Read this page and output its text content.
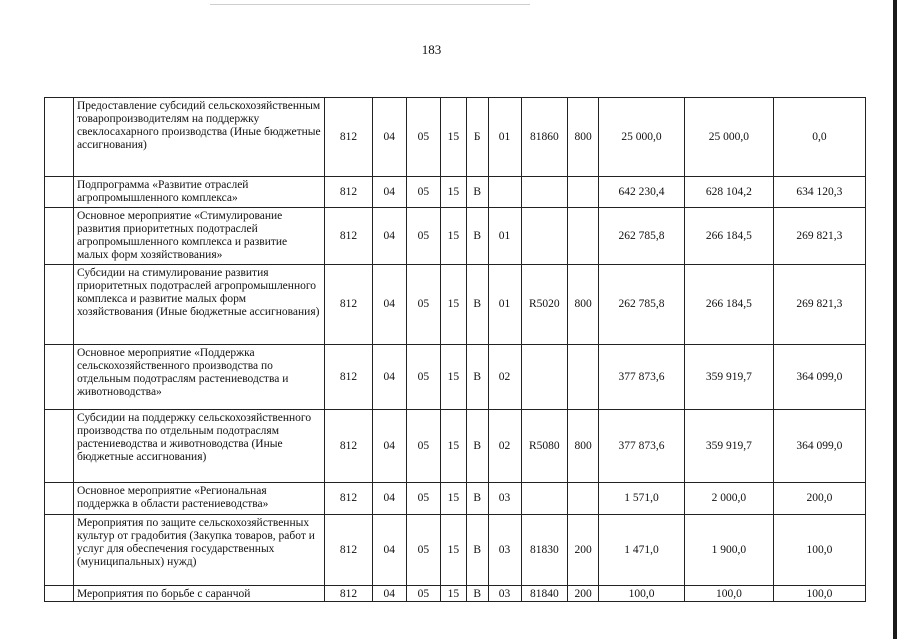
183
	Предоставление субсидий сельскохозяйственным товаропроизводителям на поддержку свеклосахарного производства (Иные бюджетные ассигнования)	812	04	05	15	Б	01	81860	800	25 000,0	25 000,0	0,0
	Подпрограмма «Развитие отраслей агропромышленного комплекса»	812	04	05	15	В				642 230,4	628 104,2	634 120,3
	Основное мероприятие «Стимулирование развития приоритетных подотраслей агропромышленного комплекса и развитие малых форм хозяйствования»	812	04	05	15	В	01			262 785,8	266 184,5	269 821,3
	Субсидии на стимулирование развития приоритетных подотраслей агропромышленного комплекса и развитие малых форм хозяйствования (Иные бюджетные ассигнования)	812	04	05	15	В	01	R5020	800	262 785,8	266 184,5	269 821,3
	Основное мероприятие «Поддержка сельскохозяйственного производства по отдельным подотраслям растениеводства и животноводства»	812	04	05	15	В	02			377 873,6	359 919,7	364 099,0
	Субсидии на поддержку сельскохозяйственного производства по отдельным подотраслям растениеводства и животноводства (Иные бюджетные ассигнования)	812	04	05	15	В	02	R5080	800	377 873,6	359 919,7	364 099,0
	Основное мероприятие «Региональная поддержка в области растениеводства»	812	04	05	15	В	03			1 571,0	2 000,0	200,0
	Мероприятия по защите сельскохозяйственных культур от градобития (Закупка товаров, работ и услуг для обеспечения государственных (муниципальных) нужд)	812	04	05	15	В	03	81830	200	1 471,0	1 900,0	100,0
	Мероприятия по борьбе с саранчой	812	04	05	15	В	03	81840	200	100,0	100,0	100,0
